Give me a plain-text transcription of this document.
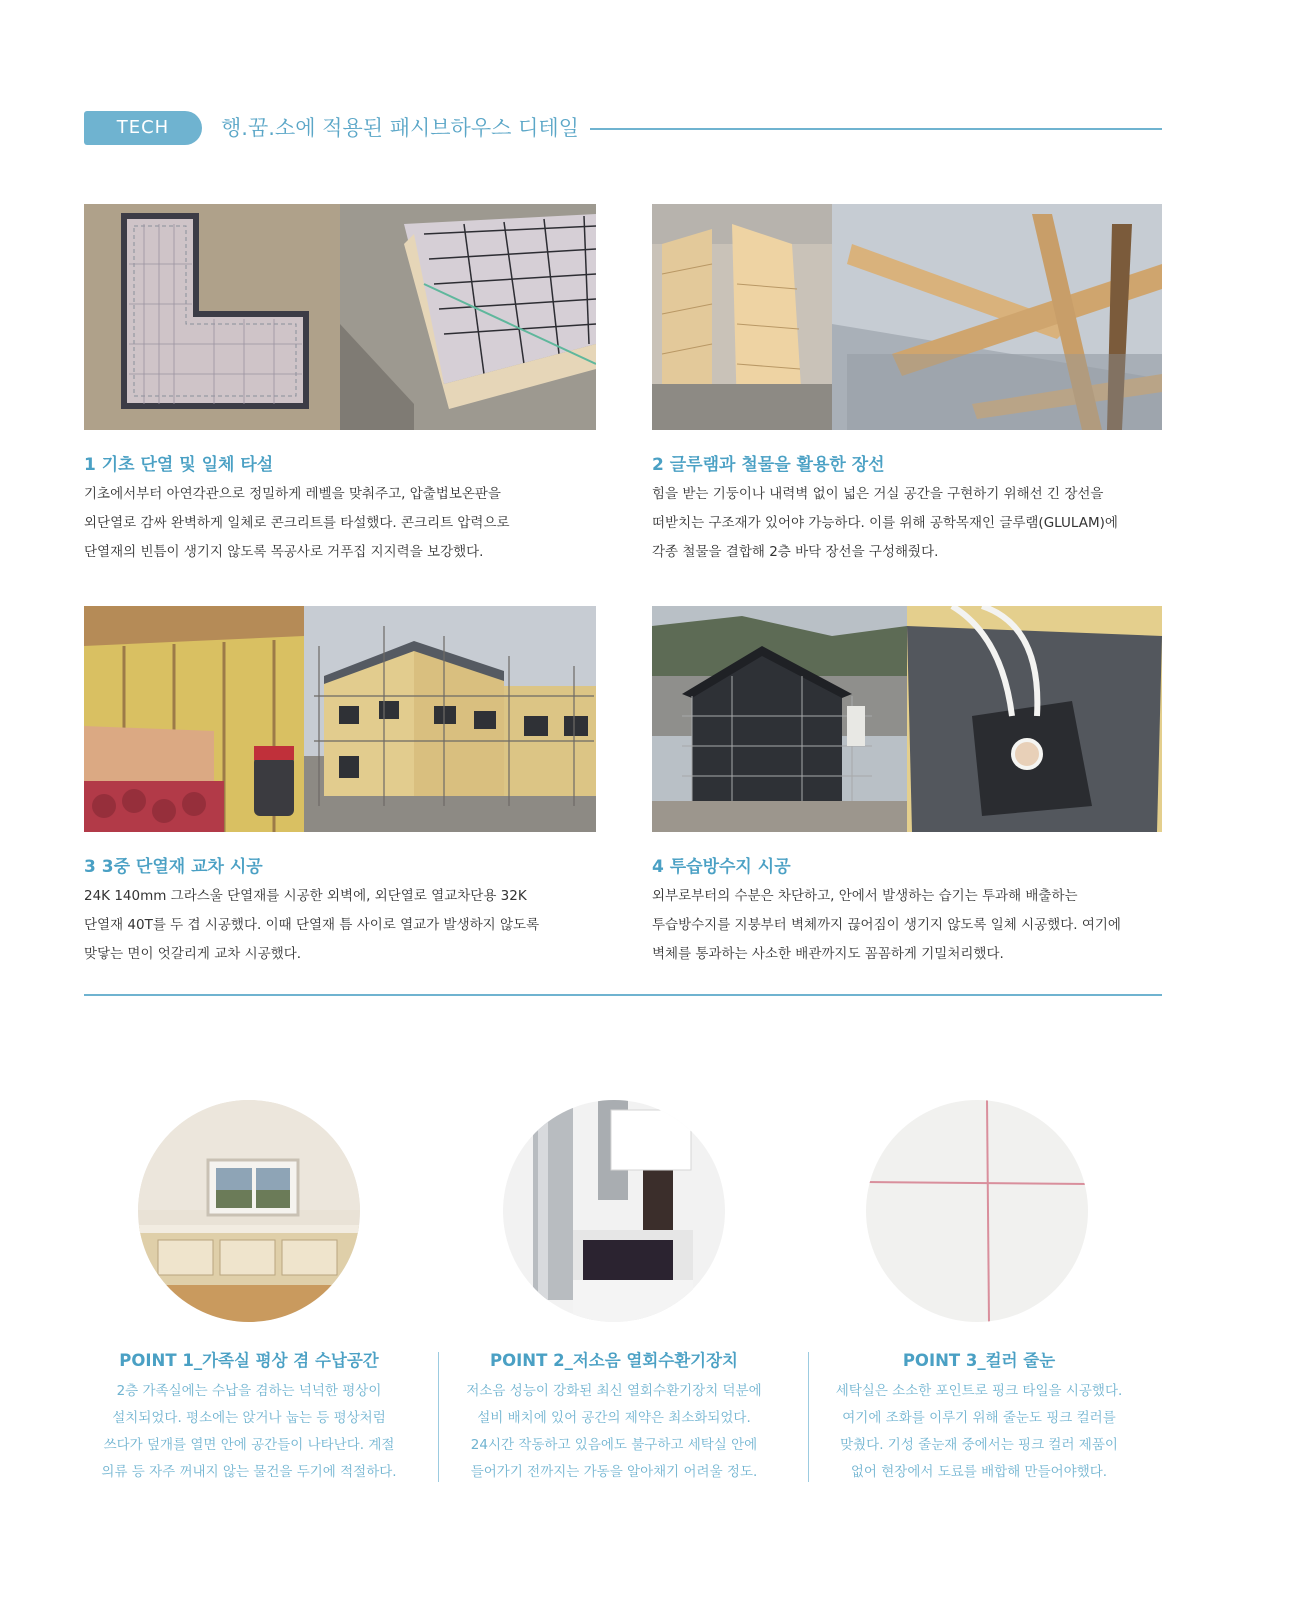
TECH	행.꿈.소에 적용된 패시브하우스 디테일
1 기초 단열 및 일체 타설
기초에서부터 아연각관으로 정밀하게 레벨을 맞춰주고, 압출법보온판을
외단열로 감싸 완벽하게 일체로 콘크리트를 타설했다. 콘크리트 압력으로
단열재의 빈틈이 생기지 않도록 목공사로 거푸집 지지력을 보강했다.
2 글루램과 철물을 활용한 장선
힘을 받는 기둥이나 내력벽 없이 넓은 거실 공간을 구현하기 위해선 긴 장선을
떠받치는 구조재가 있어야 가능하다. 이를 위해 공학목재인 글루램(GLULAM)에
각종 철물을 결합해 2층 바닥 장선을 구성해줬다.
3 3중 단열재 교차 시공
24K 140mm 그라스울 단열재를 시공한 외벽에, 외단열로 열교차단용 32K
단열재 40T를 두 겹 시공했다. 이때 단열재 틈 사이로 열교가 발생하지 않도록
맞닿는 면이 엇갈리게 교차 시공했다.
4 투습방수지 시공
외부로부터의 수분은 차단하고, 안에서 발생하는 습기는 투과해 배출하는
투습방수지를 지붕부터 벽체까지 끊어짐이 생기지 않도록 일체 시공했다. 여기에
벽체를 통과하는 사소한 배관까지도 꼼꼼하게 기밀처리했다.
POINT 1_가족실 평상 겸 수납공간
2층 가족실에는 수납을 겸하는 넉넉한 평상이
설치되었다. 평소에는 앉거나 눕는 등 평상처럼
쓰다가 덮개를 열면 안에 공간들이 나타난다. 계절
의류 등 자주 꺼내지 않는 물건을 두기에 적절하다.
POINT 2_저소음 열회수환기장치
저소음 성능이 강화된 최신 열회수환기장치 덕분에
설비 배치에 있어 공간의 제약은 최소화되었다.
24시간 작동하고 있음에도 불구하고 세탁실 안에
들어가기 전까지는 가동을 알아채기 어려울 정도.
POINT 3_컬러 줄눈
세탁실은 소소한 포인트로 핑크 타일을 시공했다.
여기에 조화를 이루기 위해 줄눈도 핑크 컬러를
맞췄다. 기성 줄눈재 중에서는 핑크 컬러 제품이
없어 현장에서 도료를 배합해 만들어야했다.
